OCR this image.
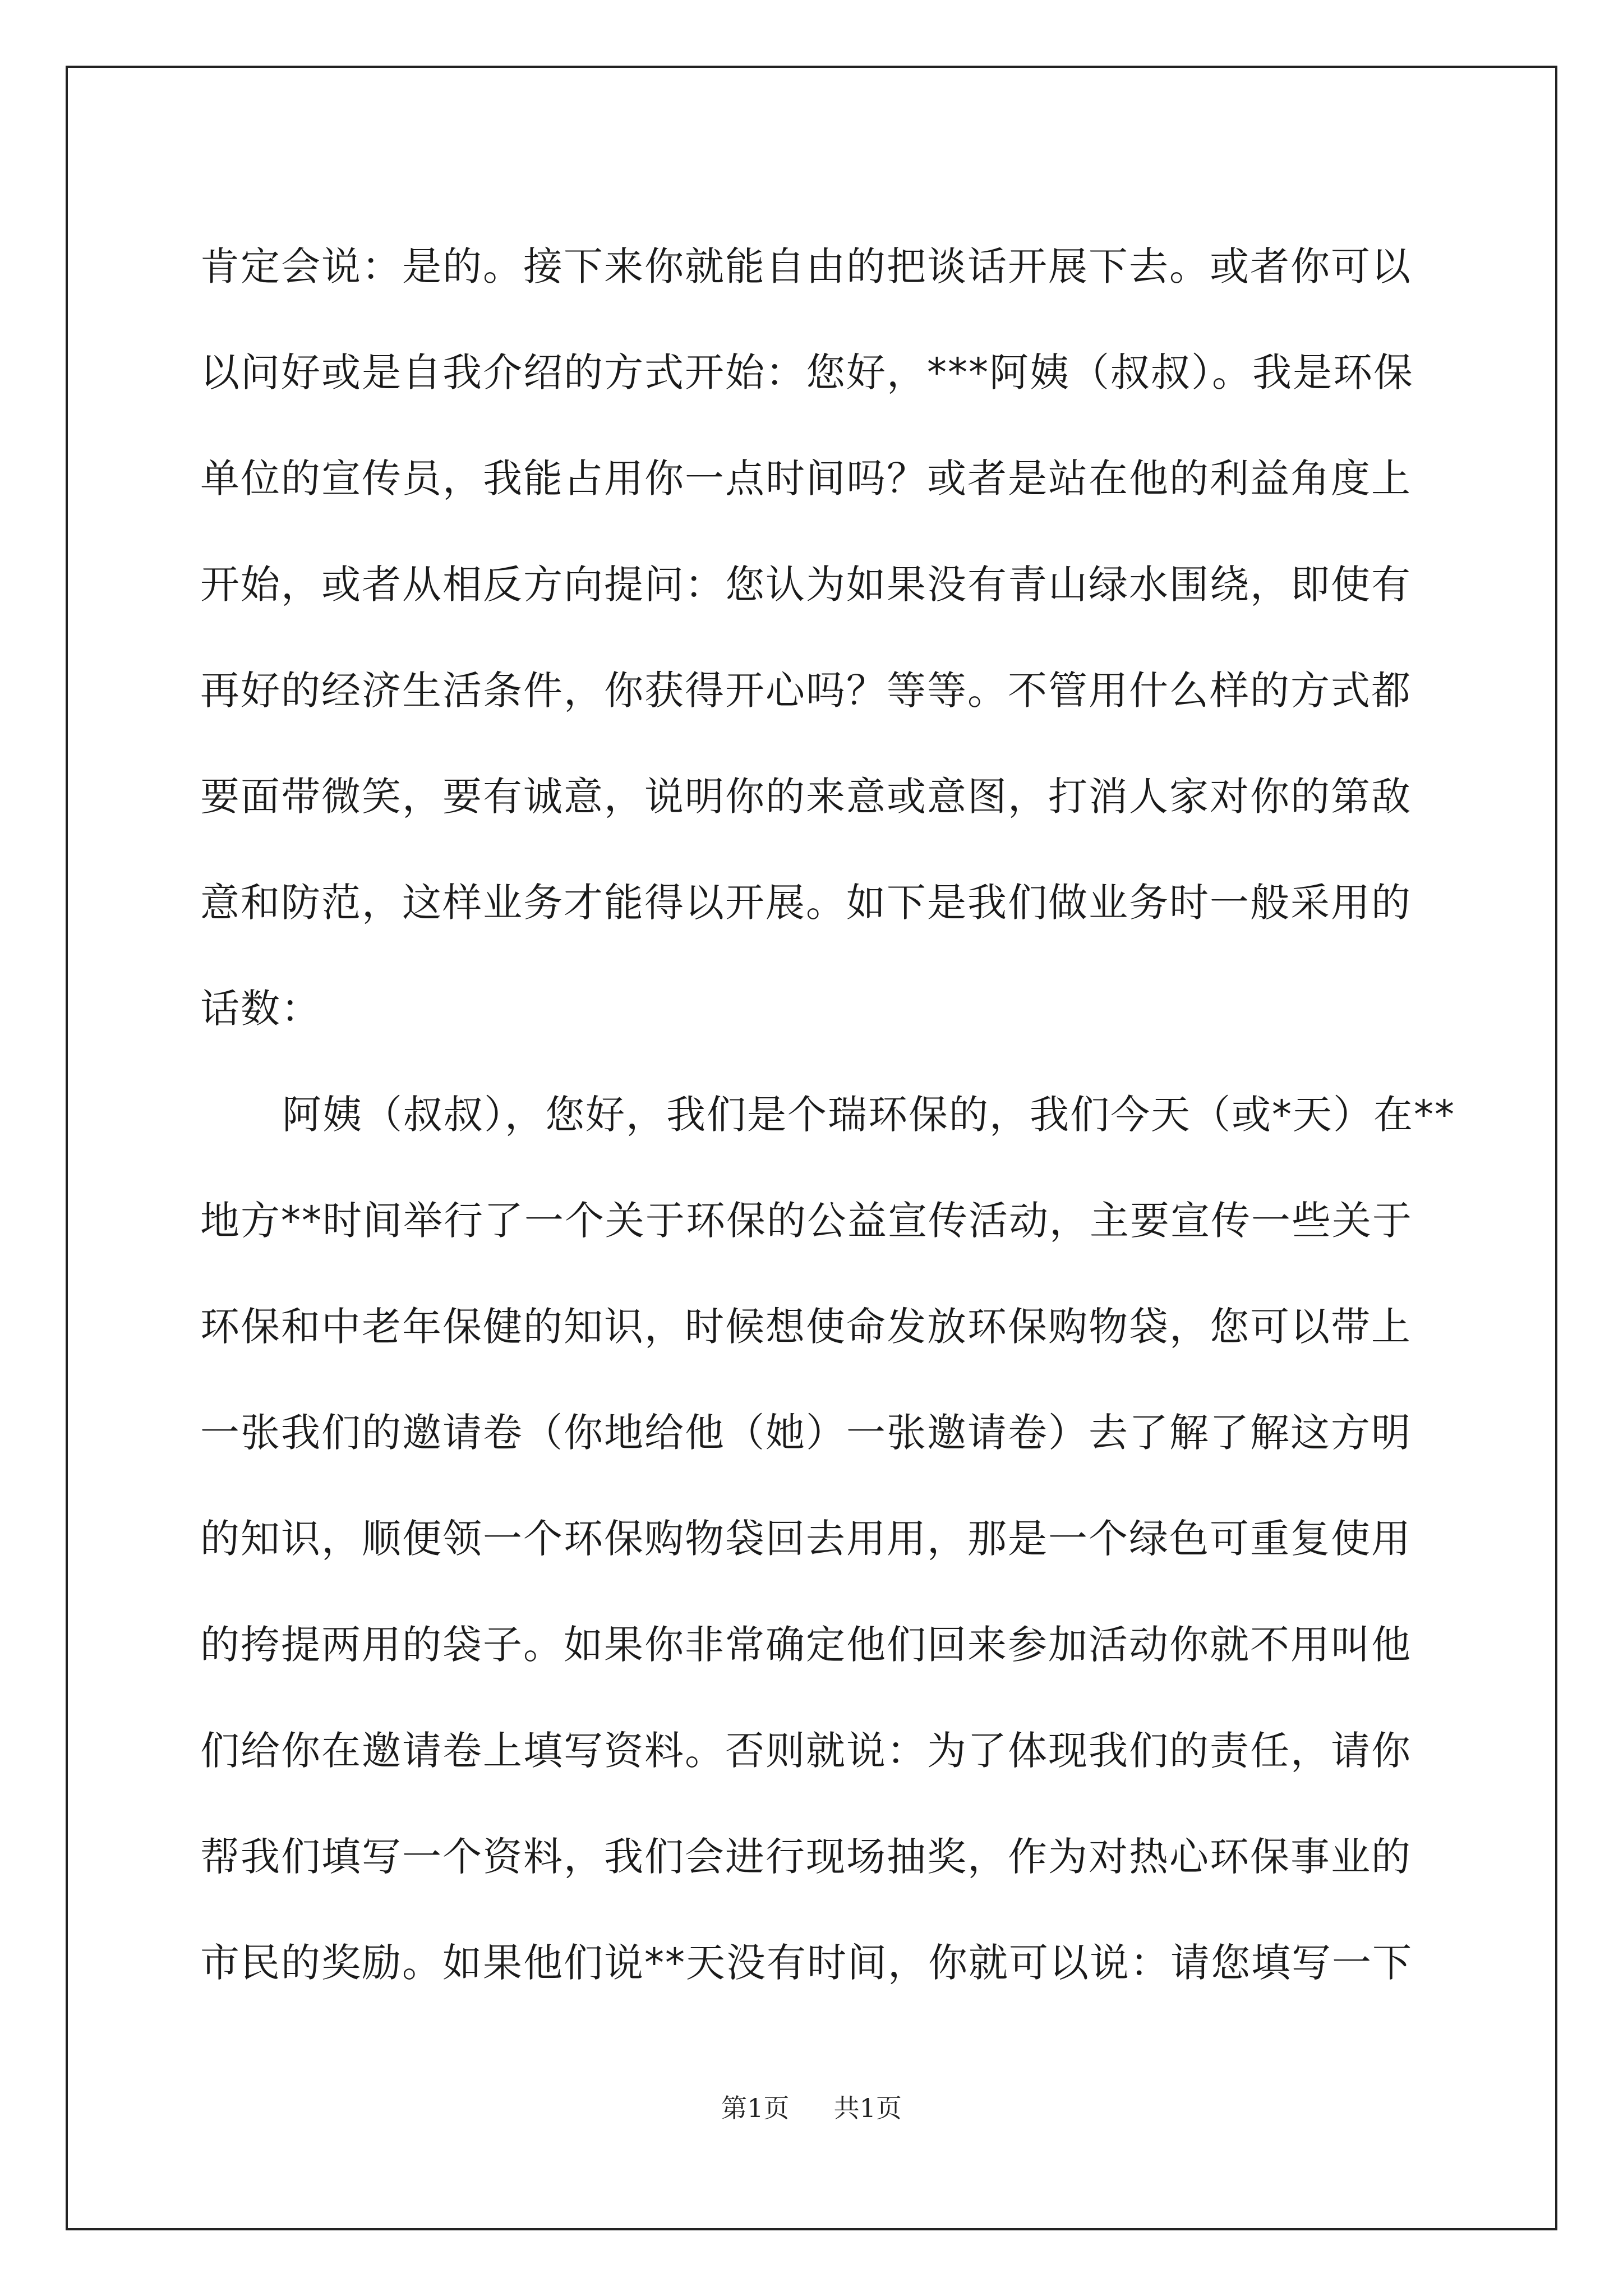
肯定会说：是的。接下来你就能自由的把谈话开展下去。或者你可以
以问好或是自我介绍的方式开始：您好，***阿姨（叔叔）。我是环保
单位的宣传员，我能占用你一点时间吗？或者是站在他的利益角度上
开始，或者从相反方向提问：您认为如果没有青山绿水围绕，即使有
再好的经济生活条件，你获得开心吗？等等。不管用什么样的方式都
要面带微笑，要有诚意，说明你的来意或意图，打消人家对你的第敌
意和防范，这样业务才能得以开展。如下是我们做业务时一般采用的
话数：

阿姨（叔叔），您好，我们是个瑞环保的，我们今天（或*天）在**
地方**时间举行了一个关于环保的公益宣传活动，主要宣传一些关于
环保和中老年保健的知识，时候想使命发放环保购物袋，您可以带上
一张我们的邀请卷（你地给他（她）一张邀请卷）去了解了解这方明
的知识，顺便领一个环保购物袋回去用用，那是一个绿色可重复使用
的挎提两用的袋子。如果你非常确定他们回来参加活动你就不用叫他
们给你在邀请卷上填写资料。否则就说：为了体现我们的责任，请你
帮我们填写一个资料，我们会进行现场抽奖，作为对热心环保事业的
市民的奖励。如果他们说**天没有时间，你就可以说：请您填写一下

第1页 共1页
